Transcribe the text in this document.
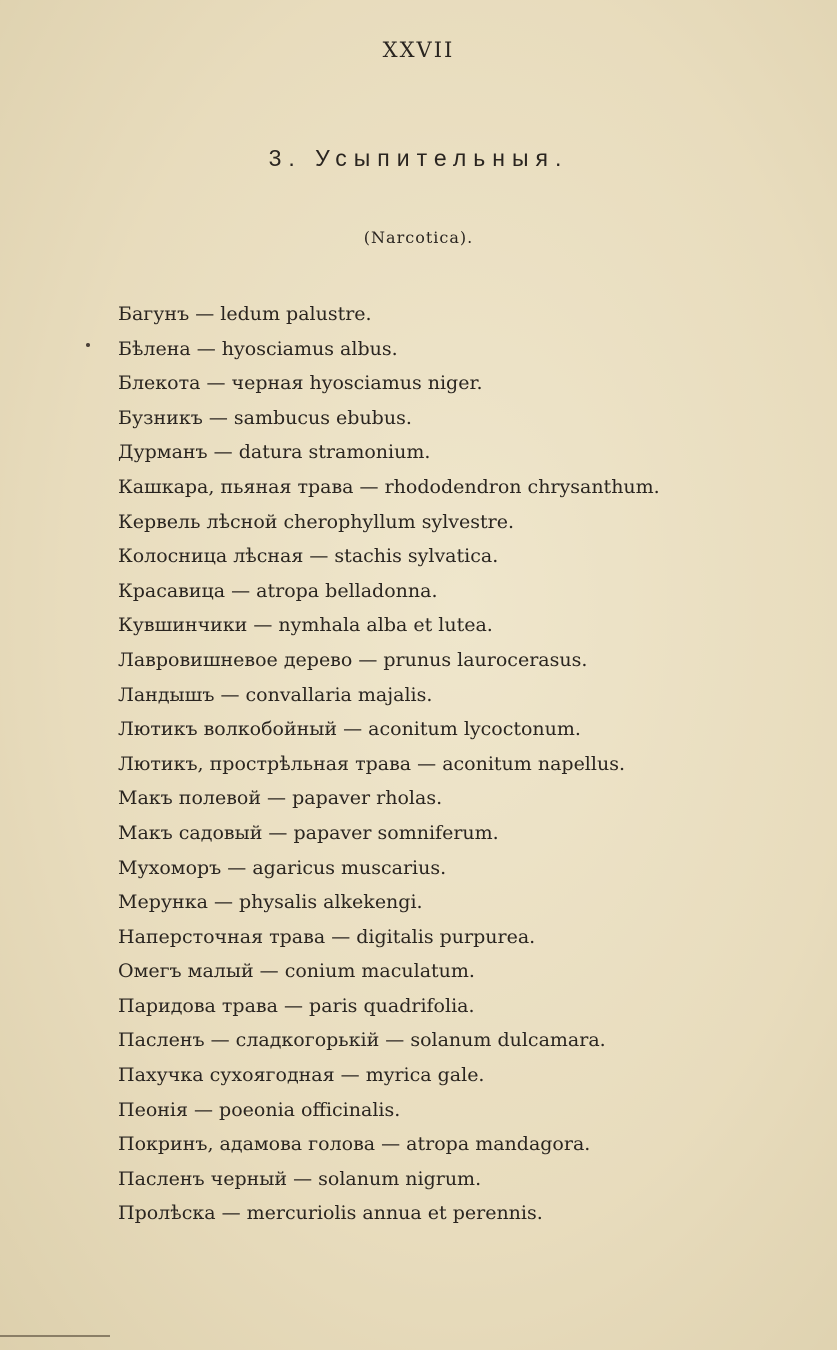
XXVII
3. Усыпительныя.
(Narcotica).
Багунъ — ledum palustre.
Бѣлена — hyosciamus albus.
Блекота — черная hyosciamus niger.
Бузникъ — sambucus ebubus.
Дурманъ — datura stramonium.
Кашкара, пьяная трава — rhododendron chrysanthum.
Кервель лѣсной cherophyllum sylvestre.
Колосница лѣсная — stachis sylvatica.
Красавица — atropa belladonna.
Кувшинчики — nymhala alba et lutea.
Лавровишневое дерево — prunus laurocerasus.
Ландышъ — convallaria majalis.
Лютикъ волкобойный — aconitum lycoctonum.
Лютикъ, прострѣльная трава — aconitum napellus.
Макъ полевой — papaver rholas.
Макъ садовый — papaver somniferum.
Мухоморъ — agaricus muscarius.
Мерунка — physalis alkekengi.
Наперсточная трава — digitalis purpurea.
Омегъ малый — conium maculatum.
Паридова трава — paris quadrifolia.
Пасленъ — сладкогорькій — solanum dulcamara.
Пахучка сухоягодная — myrica gale.
Пеонія — poeonia officinalis.
Покринъ, адамова голова — atropa mandagora.
Пасленъ черный — solanum nigrum.
Пролѣска — mercuriolis annua et perennis.
